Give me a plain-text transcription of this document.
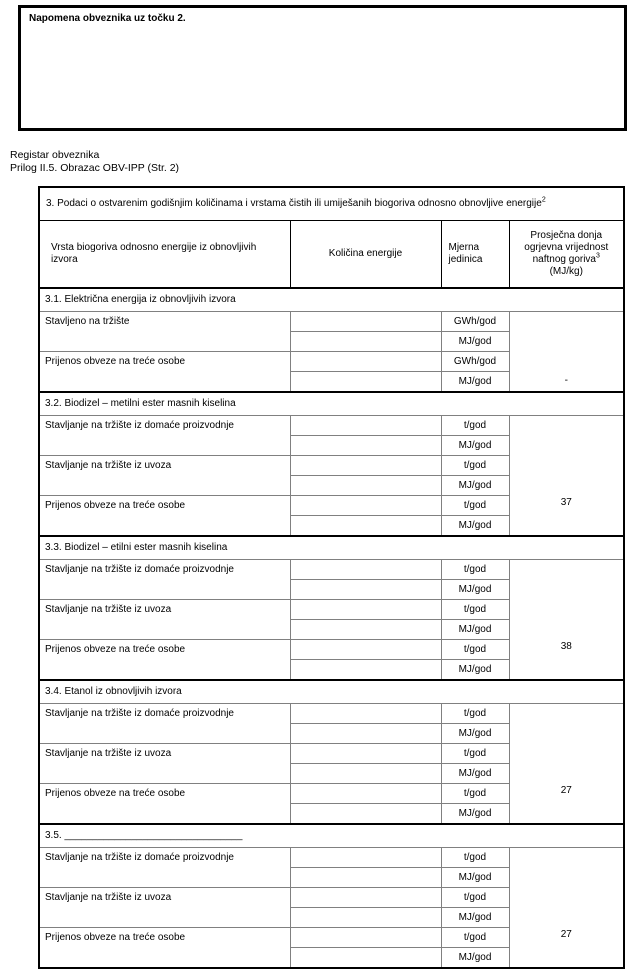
Napomena obveznika uz točku 2.
Registar obveznika
Prilog II.5. Obrazac OBV-IPP (Str. 2)
3. Podaci o ostvarenim godišnjim količinama i vrstama čistih ili umiješanih biogoriva odnosno obnovljive energije$^2$
Vrsta biogoriva odnosno energije iz obnovljivih izvora	Količina energije	Mjerna jedinica	Prosječna donja ogrjevna vrijednost naftnog goriva$^3$
(MJ/kg)

3.1. Električna energija iz obnovljivih izvora			
Stavljeno na tržište		GWh/god	-
		MJ/god	
Prijenos obveze na treće osobe		GWh/god	
		MJ/god	
3.2. Biodizel – metilni ester masnih kiselina			
Stavljanje na tržište iz domaće proizvodnje		t/god	37
		MJ/god	
Stavljanje na tržište iz uvoza		t/god	
		MJ/god	
Prijenos obveze na treće osobe		t/god	
		MJ/god	
3.3. Biodizel – etilni ester masnih kiselina			
Stavljanje na tržište iz domaće proizvodnje		t/god	38
		MJ/god	
Stavljanje na tržište iz uvoza		t/god	
		MJ/god	
Prijenos obveze na treće osobe		t/god	
		MJ/god	
3.4. Etanol iz obnovljivih izvora			
Stavljanje na tržište iz domaće proizvodnje		t/god	27
		MJ/god	
Stavljanje na tržište iz uvoza		t/god	
		MJ/god	
Prijenos obveze na treće osobe		t/god	
		MJ/god	
3.5. ________________________________			
Stavljanje na tržište iz domaće proizvodnje		t/god	27
		MJ/god	
Stavljanje na tržište iz uvoza		t/god	
		MJ/god	
Prijenos obveze na treće osobe		t/god	
		MJ/god	
